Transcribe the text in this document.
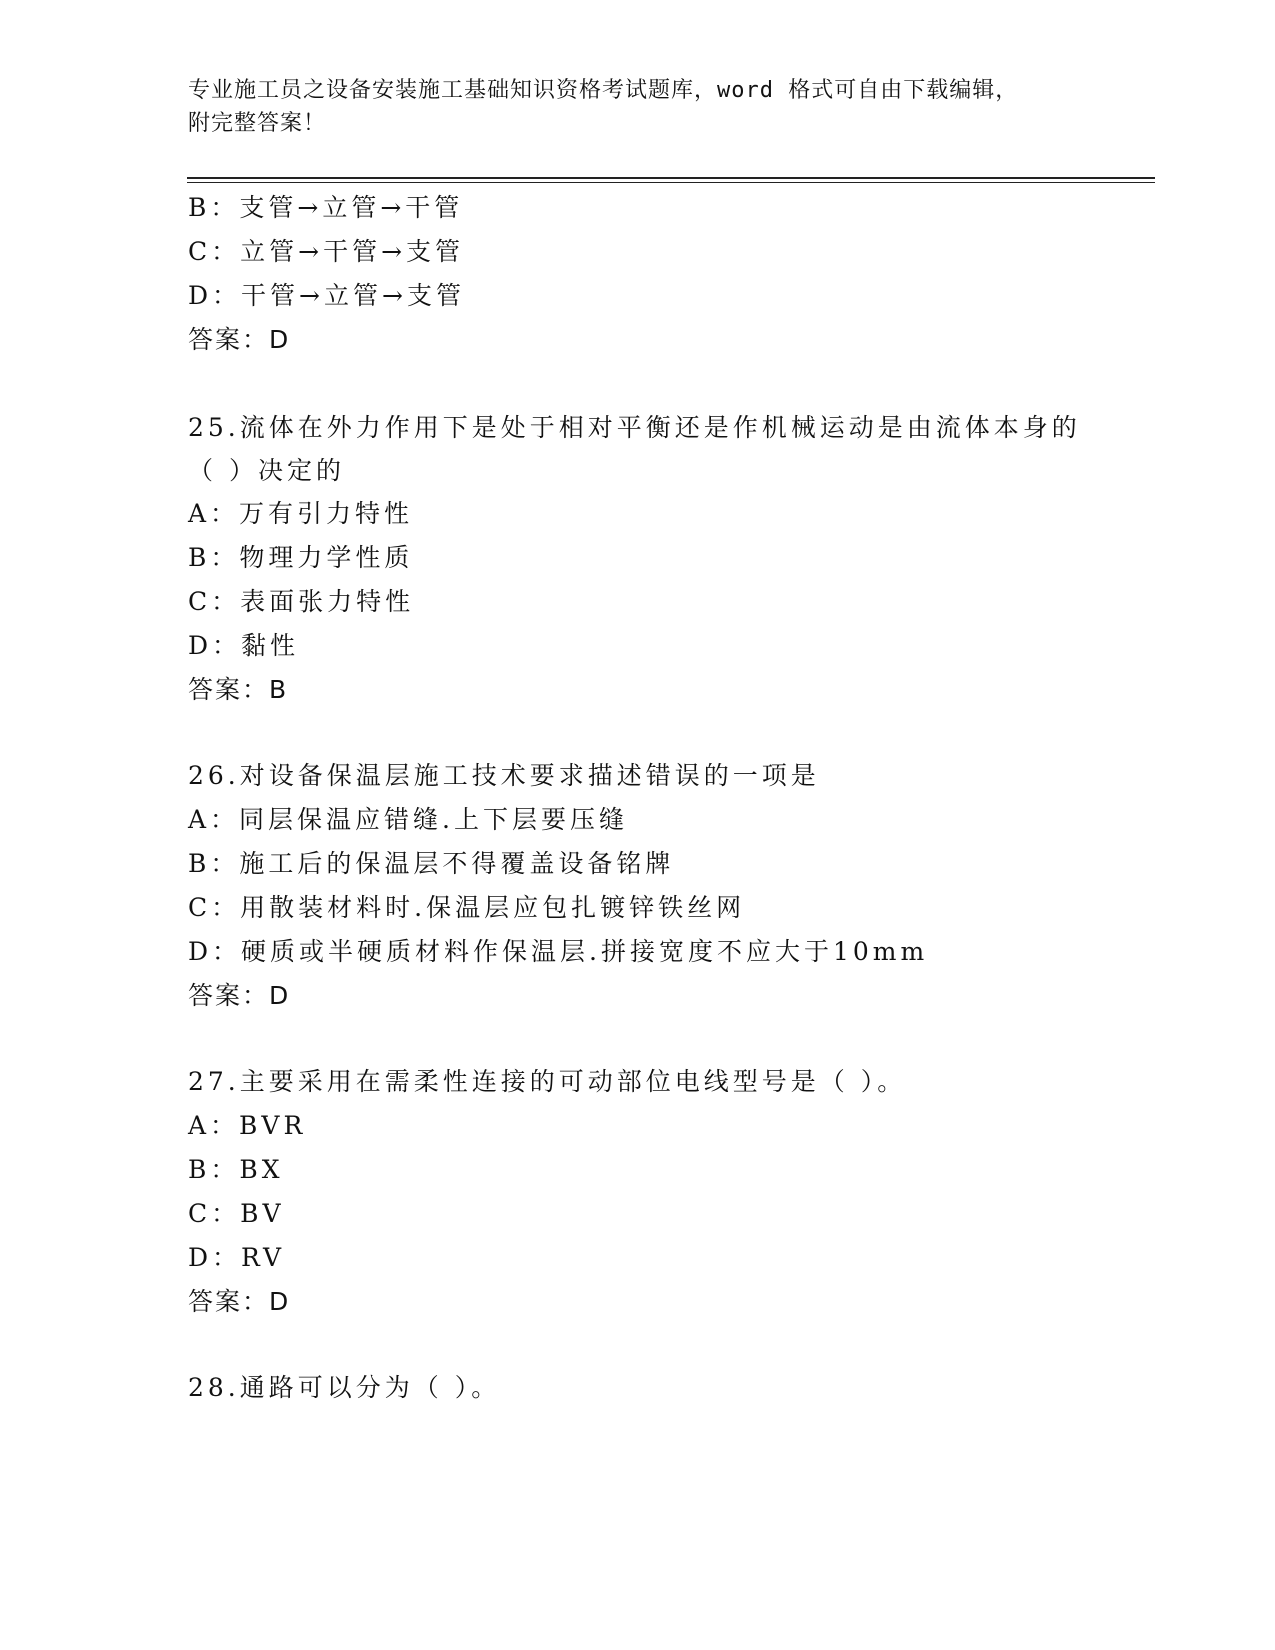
专业施工员之设备安装施工基础知识资格考试题库，word 格式可自由下载编辑，
附完整答案！
B：支管→立管→干管
C：立管→干管→支管
D：干管→立管→支管
答案：D
25.流体在外力作用下是处于相对平衡还是作机械运动是由流体本身的
（ ）决定的
A：万有引力特性
B：物理力学性质
C：表面张力特性
D：黏性
答案：B
26.对设备保温层施工技术要求描述错误的一项是
A：同层保温应错缝.上下层要压缝
B：施工后的保温层不得覆盖设备铭牌
C：用散装材料时.保温层应包扎镀锌铁丝网
D：硬质或半硬质材料作保温层.拼接宽度不应大于10mm
答案：D
27.主要采用在需柔性连接的可动部位电线型号是（ ）。
A：BVR
B：BX
C：BV
D：RV
答案：D
28.通路可以分为（ ）。
